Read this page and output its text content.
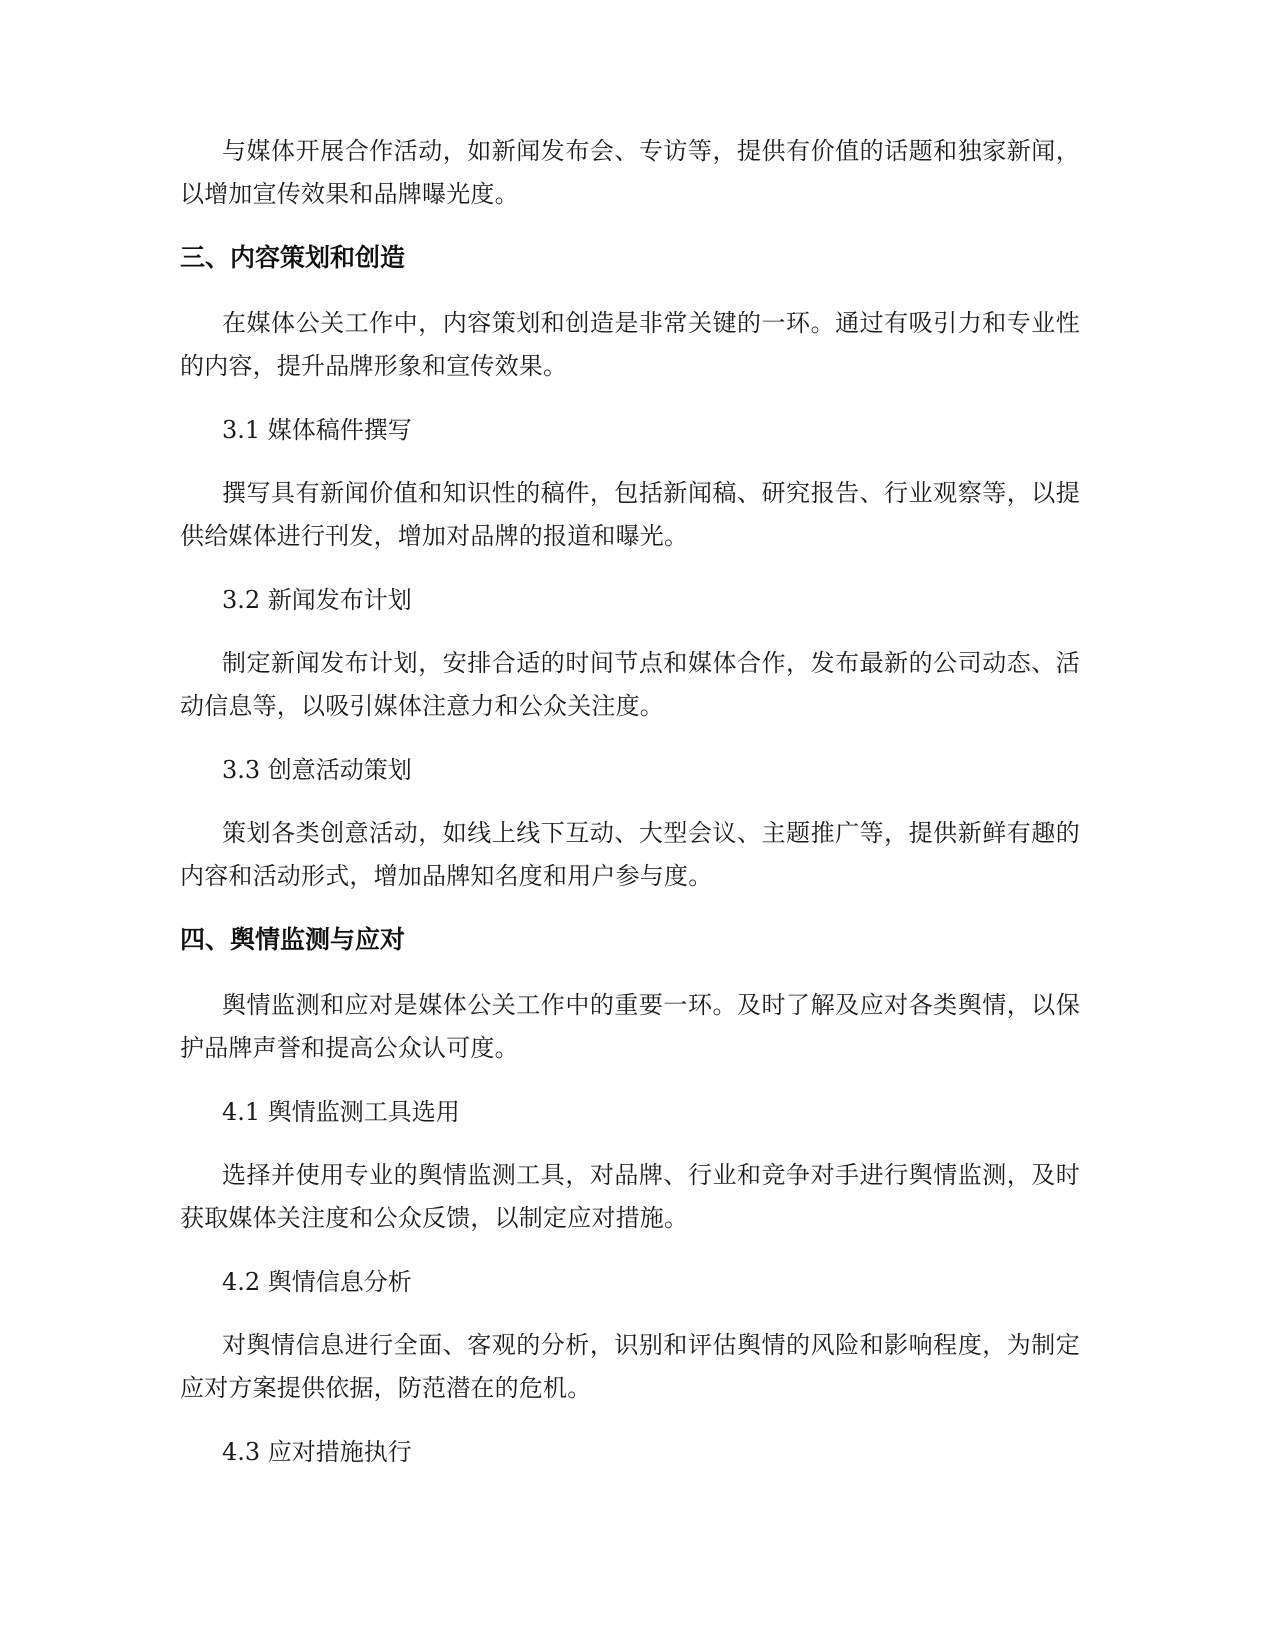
与媒体开展合作活动，如新闻发布会、专访等，提供有价值的话题和独家新闻，以增加宣传效果和品牌曝光度。

三、内容策划和创造

在媒体公关工作中，内容策划和创造是非常关键的一环。通过有吸引力和专业性的内容，提升品牌形象和宣传效果。

3.1 媒体稿件撰写

撰写具有新闻价值和知识性的稿件，包括新闻稿、研究报告、行业观察等，以提供给媒体进行刊发，增加对品牌的报道和曝光。

3.2 新闻发布计划

制定新闻发布计划，安排合适的时间节点和媒体合作，发布最新的公司动态、活动信息等，以吸引媒体注意力和公众关注度。

3.3 创意活动策划

策划各类创意活动，如线上线下互动、大型会议、主题推广等，提供新鲜有趣的内容和活动形式，增加品牌知名度和用户参与度。

四、舆情监测与应对

舆情监测和应对是媒体公关工作中的重要一环。及时了解及应对各类舆情，以保护品牌声誉和提高公众认可度。

4.1 舆情监测工具选用

选择并使用专业的舆情监测工具，对品牌、行业和竞争对手进行舆情监测，及时获取媒体关注度和公众反馈，以制定应对措施。

4.2 舆情信息分析

对舆情信息进行全面、客观的分析，识别和评估舆情的风险和影响程度，为制定应对方案提供依据，防范潜在的危机。

4.3 应对措施执行
